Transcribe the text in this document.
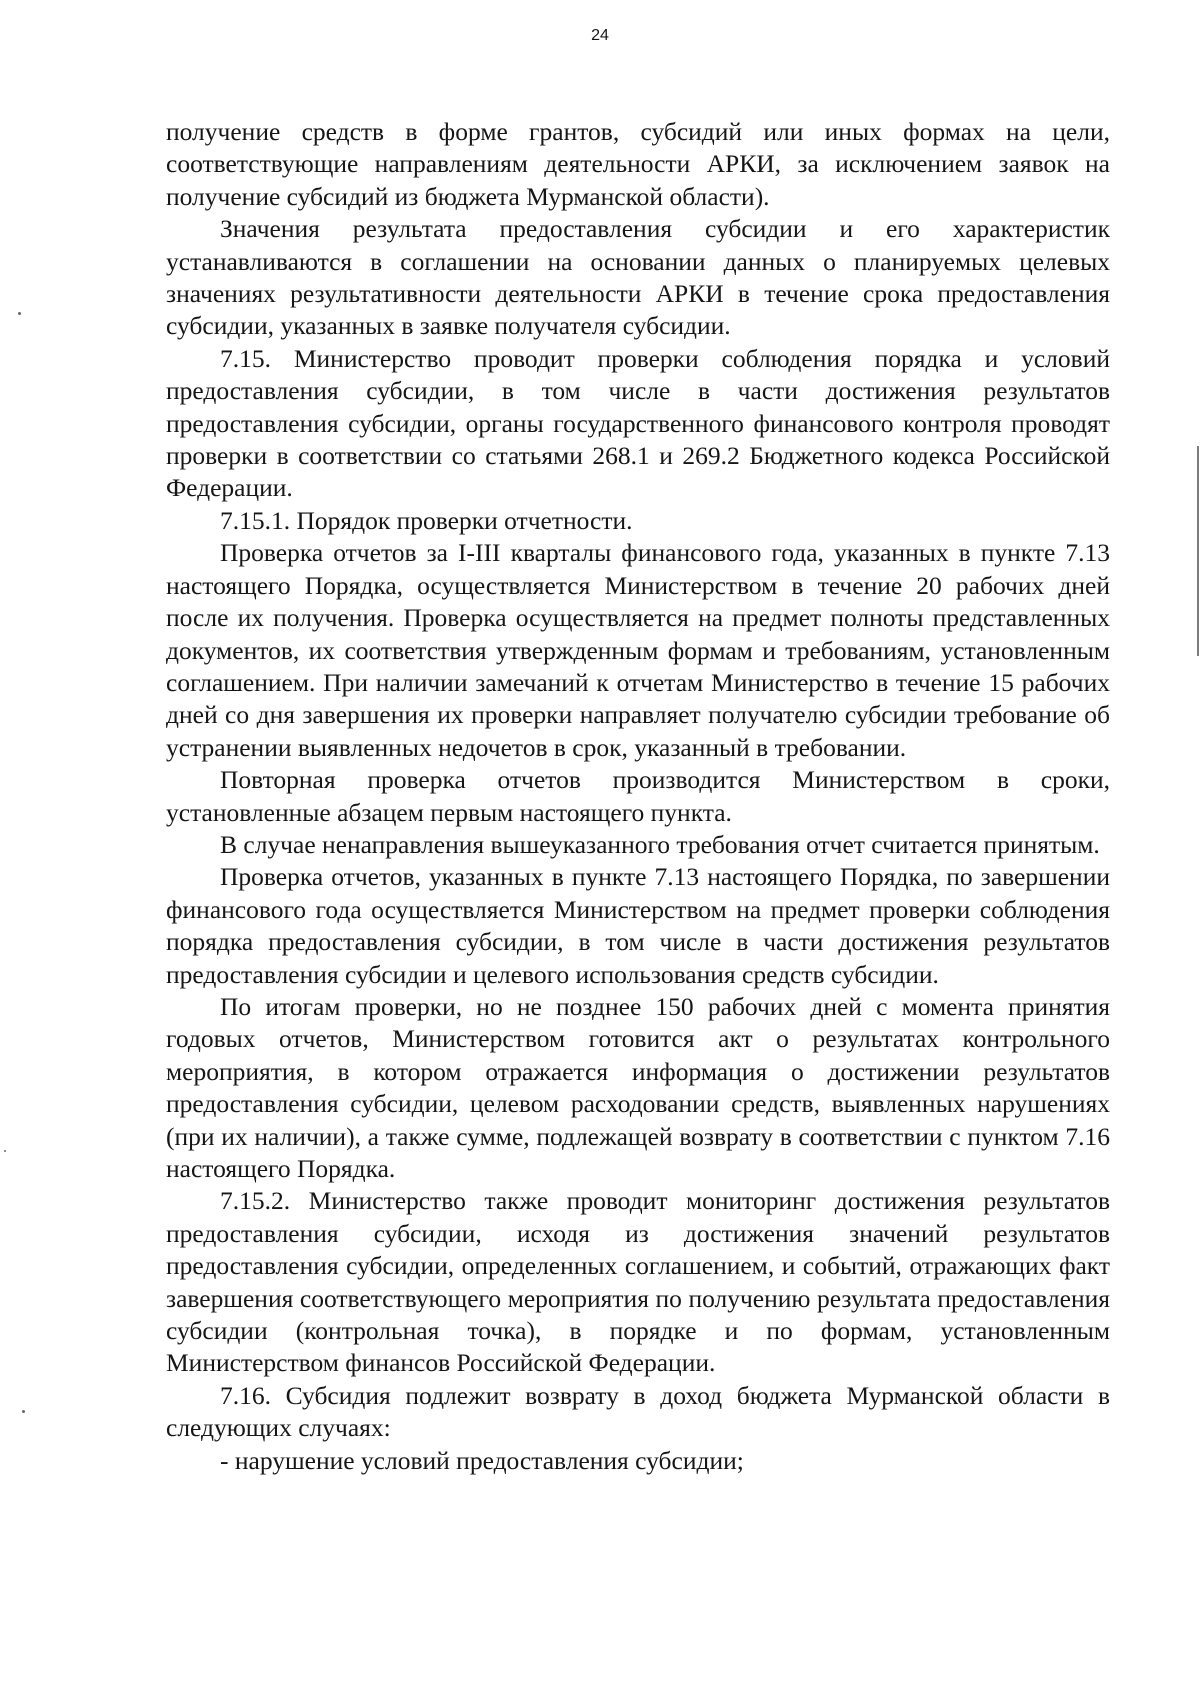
24

получение средств в форме грантов, субсидий или иных формах на цели, соответствующие направлениям деятельности АРКИ, за исключением заявок на получение субсидий из бюджета Мурманской области).

Значения результата предоставления субсидии и его характеристик устанавливаются в соглашении на основании данных о планируемых целевых значениях результативности деятельности АРКИ в течение срока предоставления субсидии, указанных в заявке получателя субсидии.

7.15. Министерство проводит проверки соблюдения порядка и условий предоставления субсидии, в том числе в части достижения результатов предоставления субсидии, органы государственного финансового контроля проводят проверки в соответствии со статьями 268.1 и 269.2 Бюджетного кодекса Российской Федерации.

7.15.1. Порядок проверки отчетности.

Проверка отчетов за I-III кварталы финансового года, указанных в пункте 7.13 настоящего Порядка, осуществляется Министерством в течение 20 рабочих дней после их получения. Проверка осуществляется на предмет полноты представленных документов, их соответствия утвержденным формам и требованиям, установленным соглашением. При наличии замечаний к отчетам Министерство в течение 15 рабочих дней со дня завершения их проверки направляет получателю субсидии требование об устранении выявленных недочетов в срок, указанный в требовании.

Повторная проверка отчетов производится Министерством в сроки, установленные абзацем первым настоящего пункта.

В случае ненаправления вышеуказанного требования отчет считается принятым.

Проверка отчетов, указанных в пункте 7.13 настоящего Порядка, по завершении финансового года осуществляется Министерством на предмет проверки соблюдения порядка предоставления субсидии, в том числе в части достижения результатов предоставления субсидии и целевого использования средств субсидии.

По итогам проверки, но не позднее 150 рабочих дней с момента принятия годовых отчетов, Министерством готовится акт о результатах контрольного мероприятия, в котором отражается информация о достижении результатов предоставления субсидии, целевом расходовании средств, выявленных нарушениях (при их наличии), а также сумме, подлежащей возврату в соответствии с пунктом 7.16 настоящего Порядка.

7.15.2. Министерство также проводит мониторинг достижения результатов предоставления субсидии, исходя из достижения значений результатов предоставления субсидии, определенных соглашением, и событий, отражающих факт завершения соответствующего мероприятия по получению результата предоставления субсидии (контрольная точка), в порядке и по формам, установленным Министерством финансов Российской Федерации.

7.16. Субсидия подлежит возврату в доход бюджета Мурманской области в следующих случаях:

- нарушение условий предоставления субсидии;
